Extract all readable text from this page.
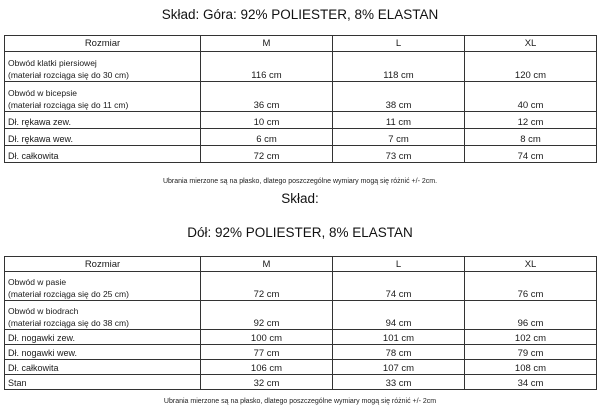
Skład: Góra: 92% POLIESTER, 8% ELASTAN
Rozmiar	M	L	XL

Obwód klatki piersiowej
(materiał rozciąga się do 30 cm)	116 cm	118 cm	120 cm

Obwód w bicepsie
(materiał rozciąga się do 11 cm)	36 cm	38 cm	40 cm

Dł. rękawa zew.	10 cm	11 cm	12 cm

Dł. rękawa wew.	6 cm	7 cm	8 cm

Dł. całkowita	72 cm	73 cm	74 cm
Ubrania mierzone są na płasko, dlatego poszczególne wymiary mogą się różnić +/- 2cm.
Skład:
Dół: 92% POLIESTER, 8% ELASTAN
Rozmiar	M	L	XL

Obwód w pasie
(materiał rozciąga się do 25 cm)	72 cm	74 cm	76 cm

Obwód w biodrach
(materiał rozciąga się do 38 cm)	92 cm	94 cm	96 cm

Dł. nogawki zew.	100 cm	101 cm	102 cm

Dł. nogawki wew.	77 cm	78 cm	79 cm

Dł. całkowita	106 cm	107 cm	108 cm

Stan	32 cm	33 cm	34 cm
Ubrania mierzone są na płasko, dlatego poszczególne wymiary mogą się różnić +/- 2cm
